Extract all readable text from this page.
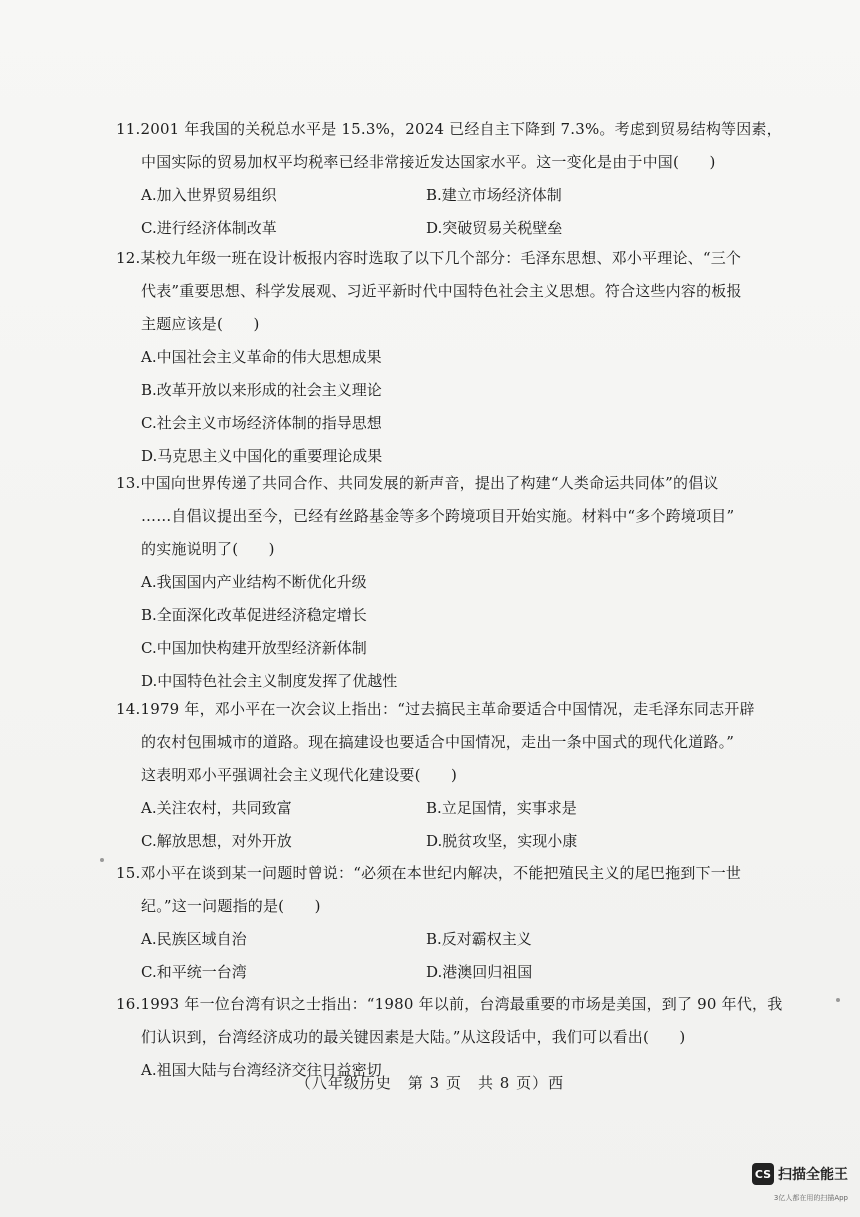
11.2001 年我国的关税总水平是 15.3%，2024 已经自主下降到 7.3%。考虑到贸易结构等因素，
中国实际的贸易加权平均税率已经非常接近发达国家水平。这一变化是由于中国(　　)
A.加入世界贸易组织	B.建立市场经济体制
C.进行经济体制改革	D.突破贸易关税壁垒
12.某校九年级一班在设计板报内容时选取了以下几个部分：毛泽东思想、邓小平理论、“三个
代表”重要思想、科学发展观、习近平新时代中国特色社会主义思想。符合这些内容的板报
主题应该是(　　)
A.中国社会主义革命的伟大思想成果
B.改革开放以来形成的社会主义理论
C.社会主义市场经济体制的指导思想
D.马克思主义中国化的重要理论成果
13.中国向世界传递了共同合作、共同发展的新声音，提出了构建“人类命运共同体”的倡议
……自倡议提出至今，已经有丝路基金等多个跨境项目开始实施。材料中“多个跨境项目”
的实施说明了(　　)
A.我国国内产业结构不断优化升级
B.全面深化改革促进经济稳定增长
C.中国加快构建开放型经济新体制
D.中国特色社会主义制度发挥了优越性
14.1979 年，邓小平在一次会议上指出：“过去搞民主革命要适合中国情况，走毛泽东同志开辟
的农村包围城市的道路。现在搞建设也要适合中国情况，走出一条中国式的现代化道路。”
这表明邓小平强调社会主义现代化建设要(　　)
A.关注农村，共同致富	B.立足国情，实事求是
C.解放思想，对外开放	D.脱贫攻坚，实现小康
15.邓小平在谈到某一问题时曾说：“必须在本世纪内解决，不能把殖民主义的尾巴拖到下一世
纪。”这一问题指的是(　　)
A.民族区域自治	B.反对霸权主义
C.和平统一台湾	D.港澳回归祖国
16.1993 年一位台湾有识之士指出：“1980 年以前，台湾最重要的市场是美国，到了 90 年代，我
们认识到，台湾经济成功的最关键因素是大陆。”从这段话中，我们可以看出(　　)
A.祖国大陆与台湾经济交往日益密切
（八年级历史　第 3 页　共 8 页）西
CS 扫描全能王
3亿人都在用的扫描App
